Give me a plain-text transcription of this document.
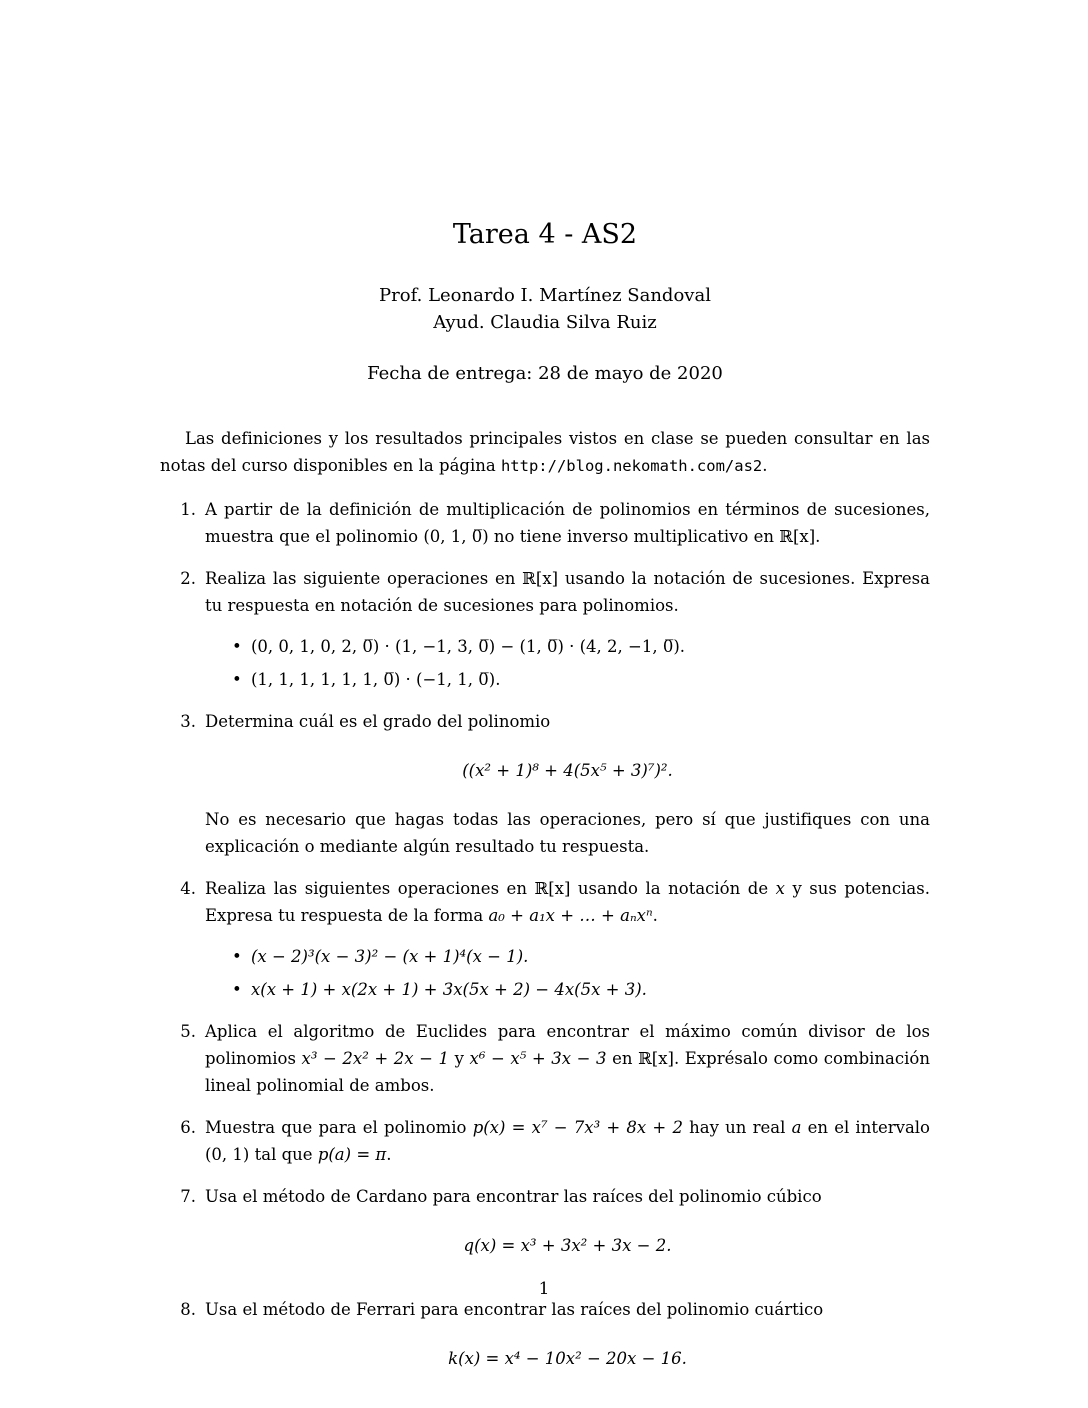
Tarea 4 - AS2

Prof. Leonardo I. Martínez Sandoval

Ayud. Claudia Silva Ruiz

Fecha de entrega: 28 de mayo de 2020

Las definiciones y los resultados principales vistos en clase se pueden consultar en las notas del curso disponibles en la página http://blog.nekomath.com/as2.

1. A partir de la definición de multiplicación de polinomios en términos de sucesiones, muestra que el polinomio (0, 1, 0̅) no tiene inverso multiplicativo en ℝ[x].

2. Realiza las siguiente operaciones en ℝ[x] usando la notación de sucesiones. Expresa tu respuesta en notación de sucesiones para polinomios.

• (0, 0, 1, 0, 2, 0̅) · (1, −1, 3, 0̅) − (1, 0̅) · (4, 2, −1, 0̅).
• (1, 1, 1, 1, 1, 1, 0̅) · (−1, 1, 0̅).
3. Determina cuál es el grado del polinomio

((x² + 1)⁸ + 4(5x⁵ + 3)⁷)².

No es necesario que hagas todas las operaciones, pero sí que justifiques con una explicación o mediante algún resultado tu respuesta.

4. Realiza las siguientes operaciones en ℝ[x] usando la notación de x y sus potencias. Expresa tu respuesta de la forma a₀ + a₁x + … + aₙxⁿ.

• (x − 2)³(x − 3)² − (x + 1)⁴(x − 1).
• x(x + 1) + x(2x + 1) + 3x(5x + 2) − 4x(5x + 3).
5. Aplica el algoritmo de Euclides para encontrar el máximo común divisor de los polinomios x³ − 2x² + 2x − 1 y x⁶ − x⁵ + 3x − 3 en ℝ[x]. Exprésalo como combinación lineal polinomial de ambos.

6. Muestra que para el polinomio p(x) = x⁷ − 7x³ + 8x + 2 hay un real a en el intervalo (0, 1) tal que p(a) = π.

7. Usa el método de Cardano para encontrar las raíces del polinomio cúbico

q(x) = x³ + 3x² + 3x − 2.

8. Usa el método de Ferrari para encontrar las raíces del polinomio cuártico

k(x) = x⁴ − 10x² − 20x − 16.

1
